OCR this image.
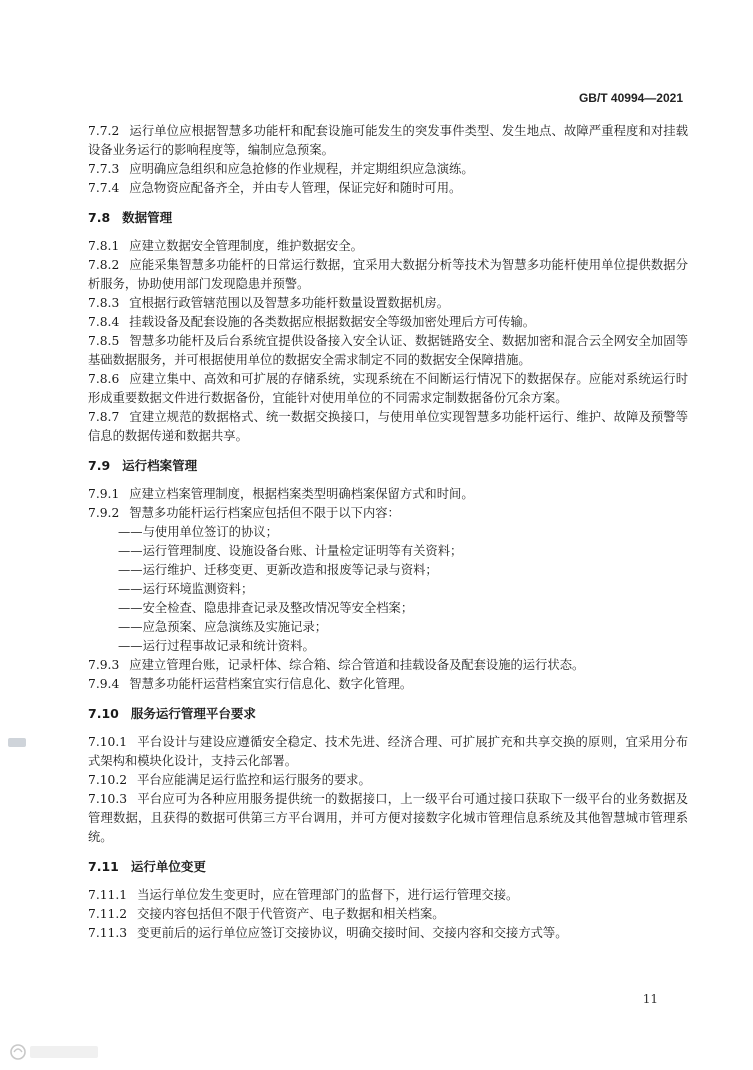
GB/T 40994—2021

7.7.2 运行单位应根据智慧多功能杆和配套设施可能发生的突发事件类型、发生地点、故障严重程度和对挂载设备业务运行的影响程度等，编制应急预案。

7.7.3 应明确应急组织和应急抢修的作业规程，并定期组织应急演练。

7.7.4 应急物资应配备齐全，并由专人管理，保证完好和随时可用。

7.8 数据管理

7.8.1 应建立数据安全管理制度，维护数据安全。

7.8.2 应能采集智慧多功能杆的日常运行数据，宜采用大数据分析等技术为智慧多功能杆使用单位提供数据分析服务，协助使用部门发现隐患并预警。

7.8.3 宜根据行政管辖范围以及智慧多功能杆数量设置数据机房。

7.8.4 挂载设备及配套设施的各类数据应根据数据安全等级加密处理后方可传输。

7.8.5 智慧多功能杆及后台系统宜提供设备接入安全认证、数据链路安全、数据加密和混合云全网安全加固等基础数据服务，并可根据使用单位的数据安全需求制定不同的数据安全保障措施。

7.8.6 应建立集中、高效和可扩展的存储系统，实现系统在不间断运行情况下的数据保存。应能对系统运行时形成重要数据文件进行数据备份，宜能针对使用单位的不同需求定制数据备份冗余方案。

7.8.7 宜建立规范的数据格式、统一数据交换接口，与使用单位实现智慧多功能杆运行、维护、故障及预警等信息的数据传递和数据共享。

7.9 运行档案管理

7.9.1 应建立档案管理制度，根据档案类型明确档案保留方式和时间。

7.9.2 智慧多功能杆运行档案应包括但不限于以下内容：

——与使用单位签订的协议；

——运行管理制度、设施设备台账、计量检定证明等有关资料；

——运行维护、迁移变更、更新改造和报废等记录与资料；

——运行环境监测资料；

——安全检查、隐患排查记录及整改情况等安全档案；

——应急预案、应急演练及实施记录；

——运行过程事故记录和统计资料。

7.9.3 应建立管理台账，记录杆体、综合箱、综合管道和挂载设备及配套设施的运行状态。

7.9.4 智慧多功能杆运营档案宜实行信息化、数字化管理。

7.10 服务运行管理平台要求

7.10.1 平台设计与建设应遵循安全稳定、技术先进、经济合理、可扩展扩充和共享交换的原则，宜采用分布式架构和模块化设计，支持云化部署。

7.10.2 平台应能满足运行监控和运行服务的要求。

7.10.3 平台应可为各种应用服务提供统一的数据接口，上一级平台可通过接口获取下一级平台的业务数据及管理数据，且获得的数据可供第三方平台调用，并可方便对接数字化城市管理信息系统及其他智慧城市管理系统。

7.11 运行单位变更

7.11.1 当运行单位发生变更时，应在管理部门的监督下，进行运行管理交接。

7.11.2 交接内容包括但不限于代管资产、电子数据和相关档案。

7.11.3 变更前后的运行单位应签订交接协议，明确交接时间、交接内容和交接方式等。

11
